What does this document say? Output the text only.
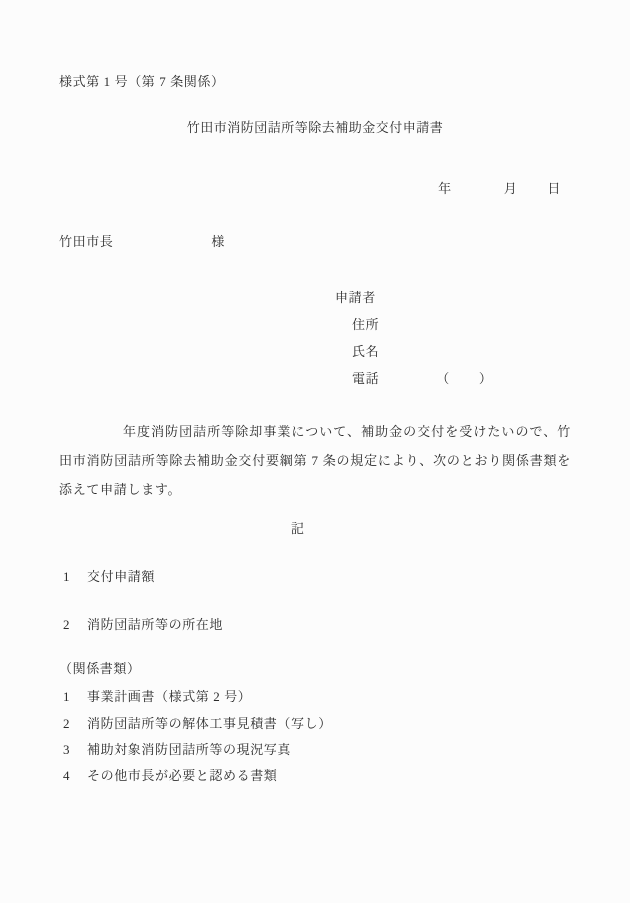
様式第 1 号（第 7 条関係）
竹田市消防団詰所等除去補助金交付申請書
年	月 日
竹田市長	様
申請者
住所
氏名
電話	（ ）
年度消防団詰所等除却事業について、補助金の交付を受けたいので、竹田市消防団詰所等除去補助金交付要綱第 7 条の規定により、次のとおり関係書類を添えて申請します。
記
1 交付申請額
2 消防団詰所等の所在地
（関係書類）
1 事業計画書（様式第 2 号）
2 消防団詰所等の解体工事見積書（写し）
3 補助対象消防団詰所等の現況写真
4 その他市長が必要と認める書類
